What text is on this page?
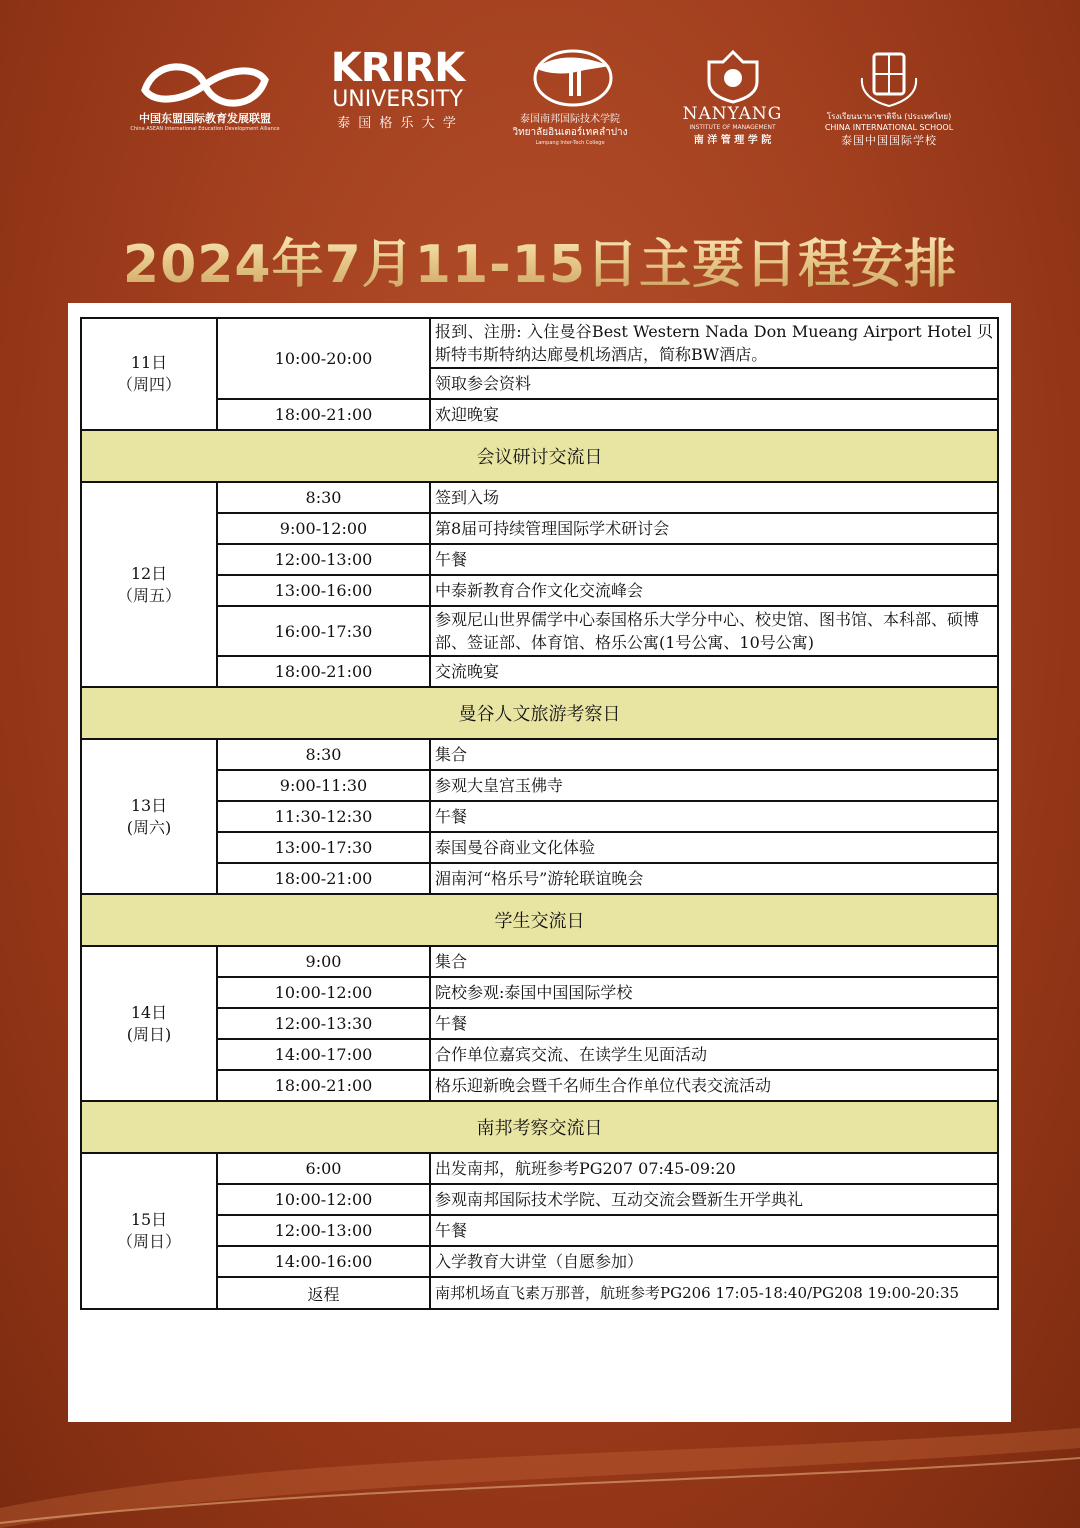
中国东盟国际教育发展联盟
China ASEAN International Education Development Alliance
KRIRK
UNIVERSITY
泰 国 格 乐 大 学	泰国南邦国际技术学院
วิทยาลัยอินเตอร์เทคลำปาง
Lampang Inter-Tech College
NANYANG
INSTITUTE OF MANAGEMENT
南 洋 管 理 学 院
โรงเรียนนานาชาติจีน (ประเทศไทย)
CHINA INTERNATIONAL SCHOOL
泰国中国国际学校
2024年7月11-15日主要日程安排
11日
（周四）	10:00-20:00	报到、注册: 入住曼谷Best Western Nada Don Mueang Airport Hotel 贝斯特韦斯特纳达廊曼机场酒店，简称BW酒店。
		领取参会资料
	18:00-21:00	欢迎晚宴
会议研讨交流日		
12日
（周五）	8:30	签到入场
	9:00-12:00	第8届可持续管理国际学术研讨会
	12:00-13:00	午餐
	13:00-16:00	中泰新教育合作文化交流峰会
	16:00-17:30	参观尼山世界儒学中心泰国格乐大学分中心、校史馆、图书馆、本科部、硕博部、签证部、体育馆、格乐公寓(1号公寓、10号公寓)
	18:00-21:00	交流晚宴
曼谷人文旅游考察日		
13日
(周六)	8:30	集合
	9:00-11:30	参观大皇宫玉佛寺
	11:30-12:30	午餐
	13:00-17:30	泰国曼谷商业文化体验
	18:00-21:00	湄南河“格乐号”游轮联谊晚会
学生交流日		
14日
(周日)	9:00	集合
	10:00-12:00	院校参观:泰国中国国际学校
	12:00-13:30	午餐
	14:00-17:00	合作单位嘉宾交流、在读学生见面活动
	18:00-21:00	格乐迎新晚会暨千名师生合作单位代表交流活动
南邦考察交流日		
15日
（周日）	6:00	出发南邦，航班参考PG207 07:45-09:20
	10:00-12:00	参观南邦国际技术学院、互动交流会暨新生开学典礼
	12:00-13:00	午餐
	14:00-16:00	入学教育大讲堂（自愿参加）
	返程	南邦机场直飞素万那普，航班参考PG206 17:05-18:40/PG208 19:00-20:35
